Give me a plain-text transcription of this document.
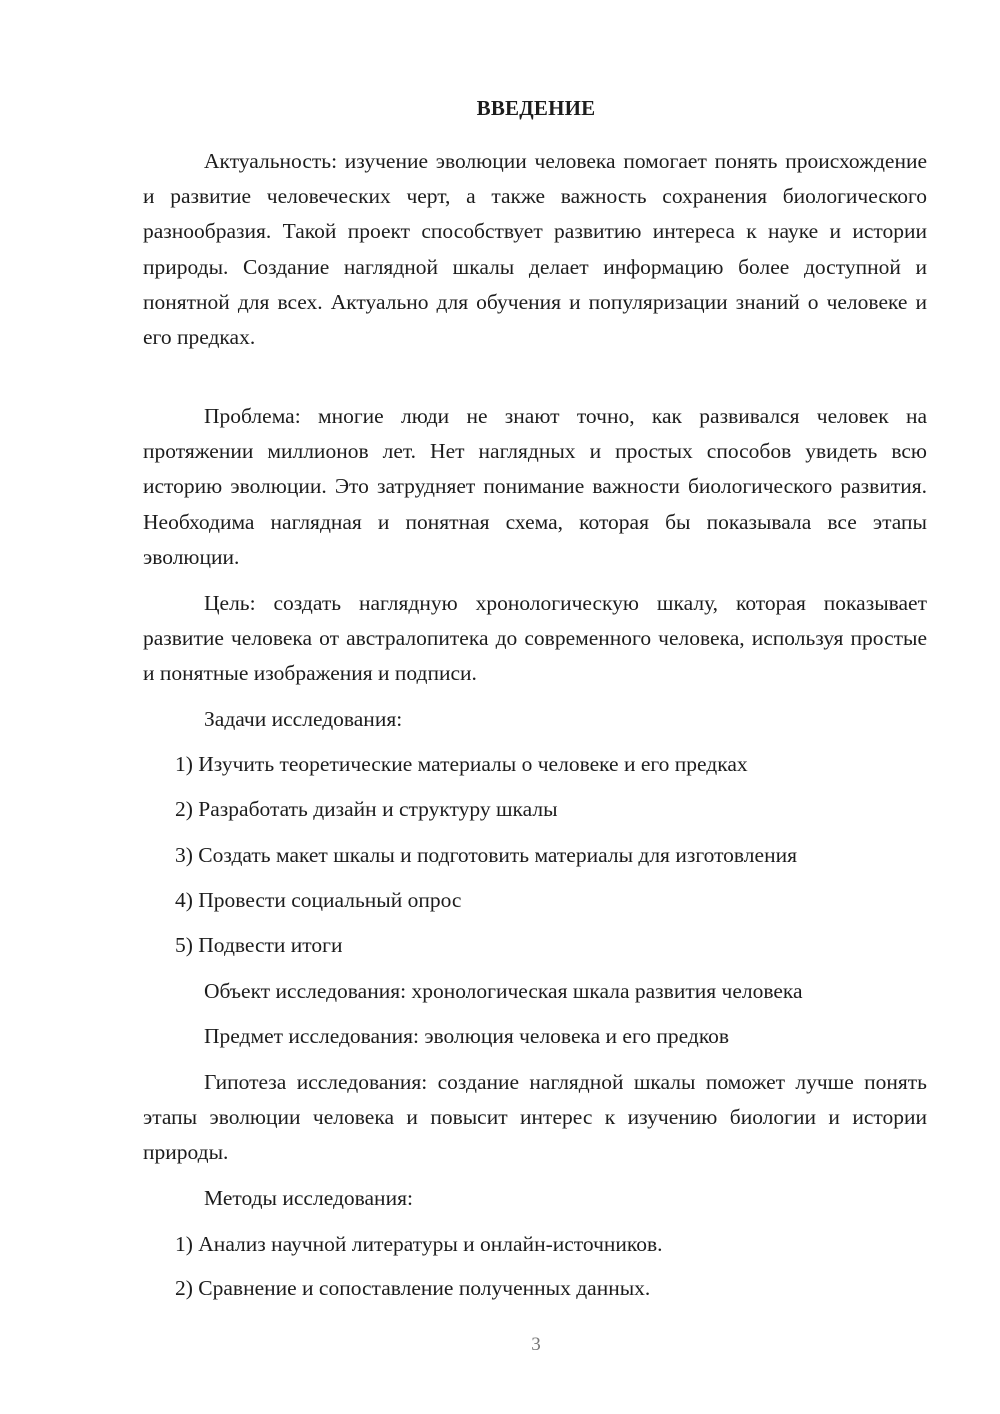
ВВЕДЕНИЕ
Актуальность: изучение эволюции человека помогает понять происхождение и развитие человеческих черт, а также важность сохранения биологического разнообразия. Такой проект способствует развитию интереса к науке и истории природы. Создание наглядной шкалы делает информацию более доступной и понятной для всех. Актуально для обучения и популяризации знаний о человеке и его предках.
Проблема: многие люди не знают точно, как развивался человек на протяжении миллионов лет. Нет наглядных и простых способов увидеть всю историю эволюции. Это затрудняет понимание важности биологического развития. Необходима наглядная и понятная схема, которая бы показывала все этапы эволюции.
Цель: создать наглядную хронологическую шкалу, которая показывает развитие человека от австралопитека до современного человека, используя простые и понятные изображения и подписи.
Задачи исследования:
1) Изучить теоретические материалы о человеке и его предках
2) Разработать дизайн и структуру шкалы
3) Создать макет шкалы и подготовить материалы для изготовления
4) Провести социальный опрос
5) Подвести итоги
Объект исследования: хронологическая шкала развития человека
Предмет исследования: эволюция человека и его предков
Гипотеза исследования: создание наглядной шкалы поможет лучше понять этапы эволюции человека и повысит интерес к изучению биологии и истории природы.
Методы исследования:
1) Анализ научной литературы и онлайн-источников.
2) Сравнение и сопоставление полученных данных.
3
